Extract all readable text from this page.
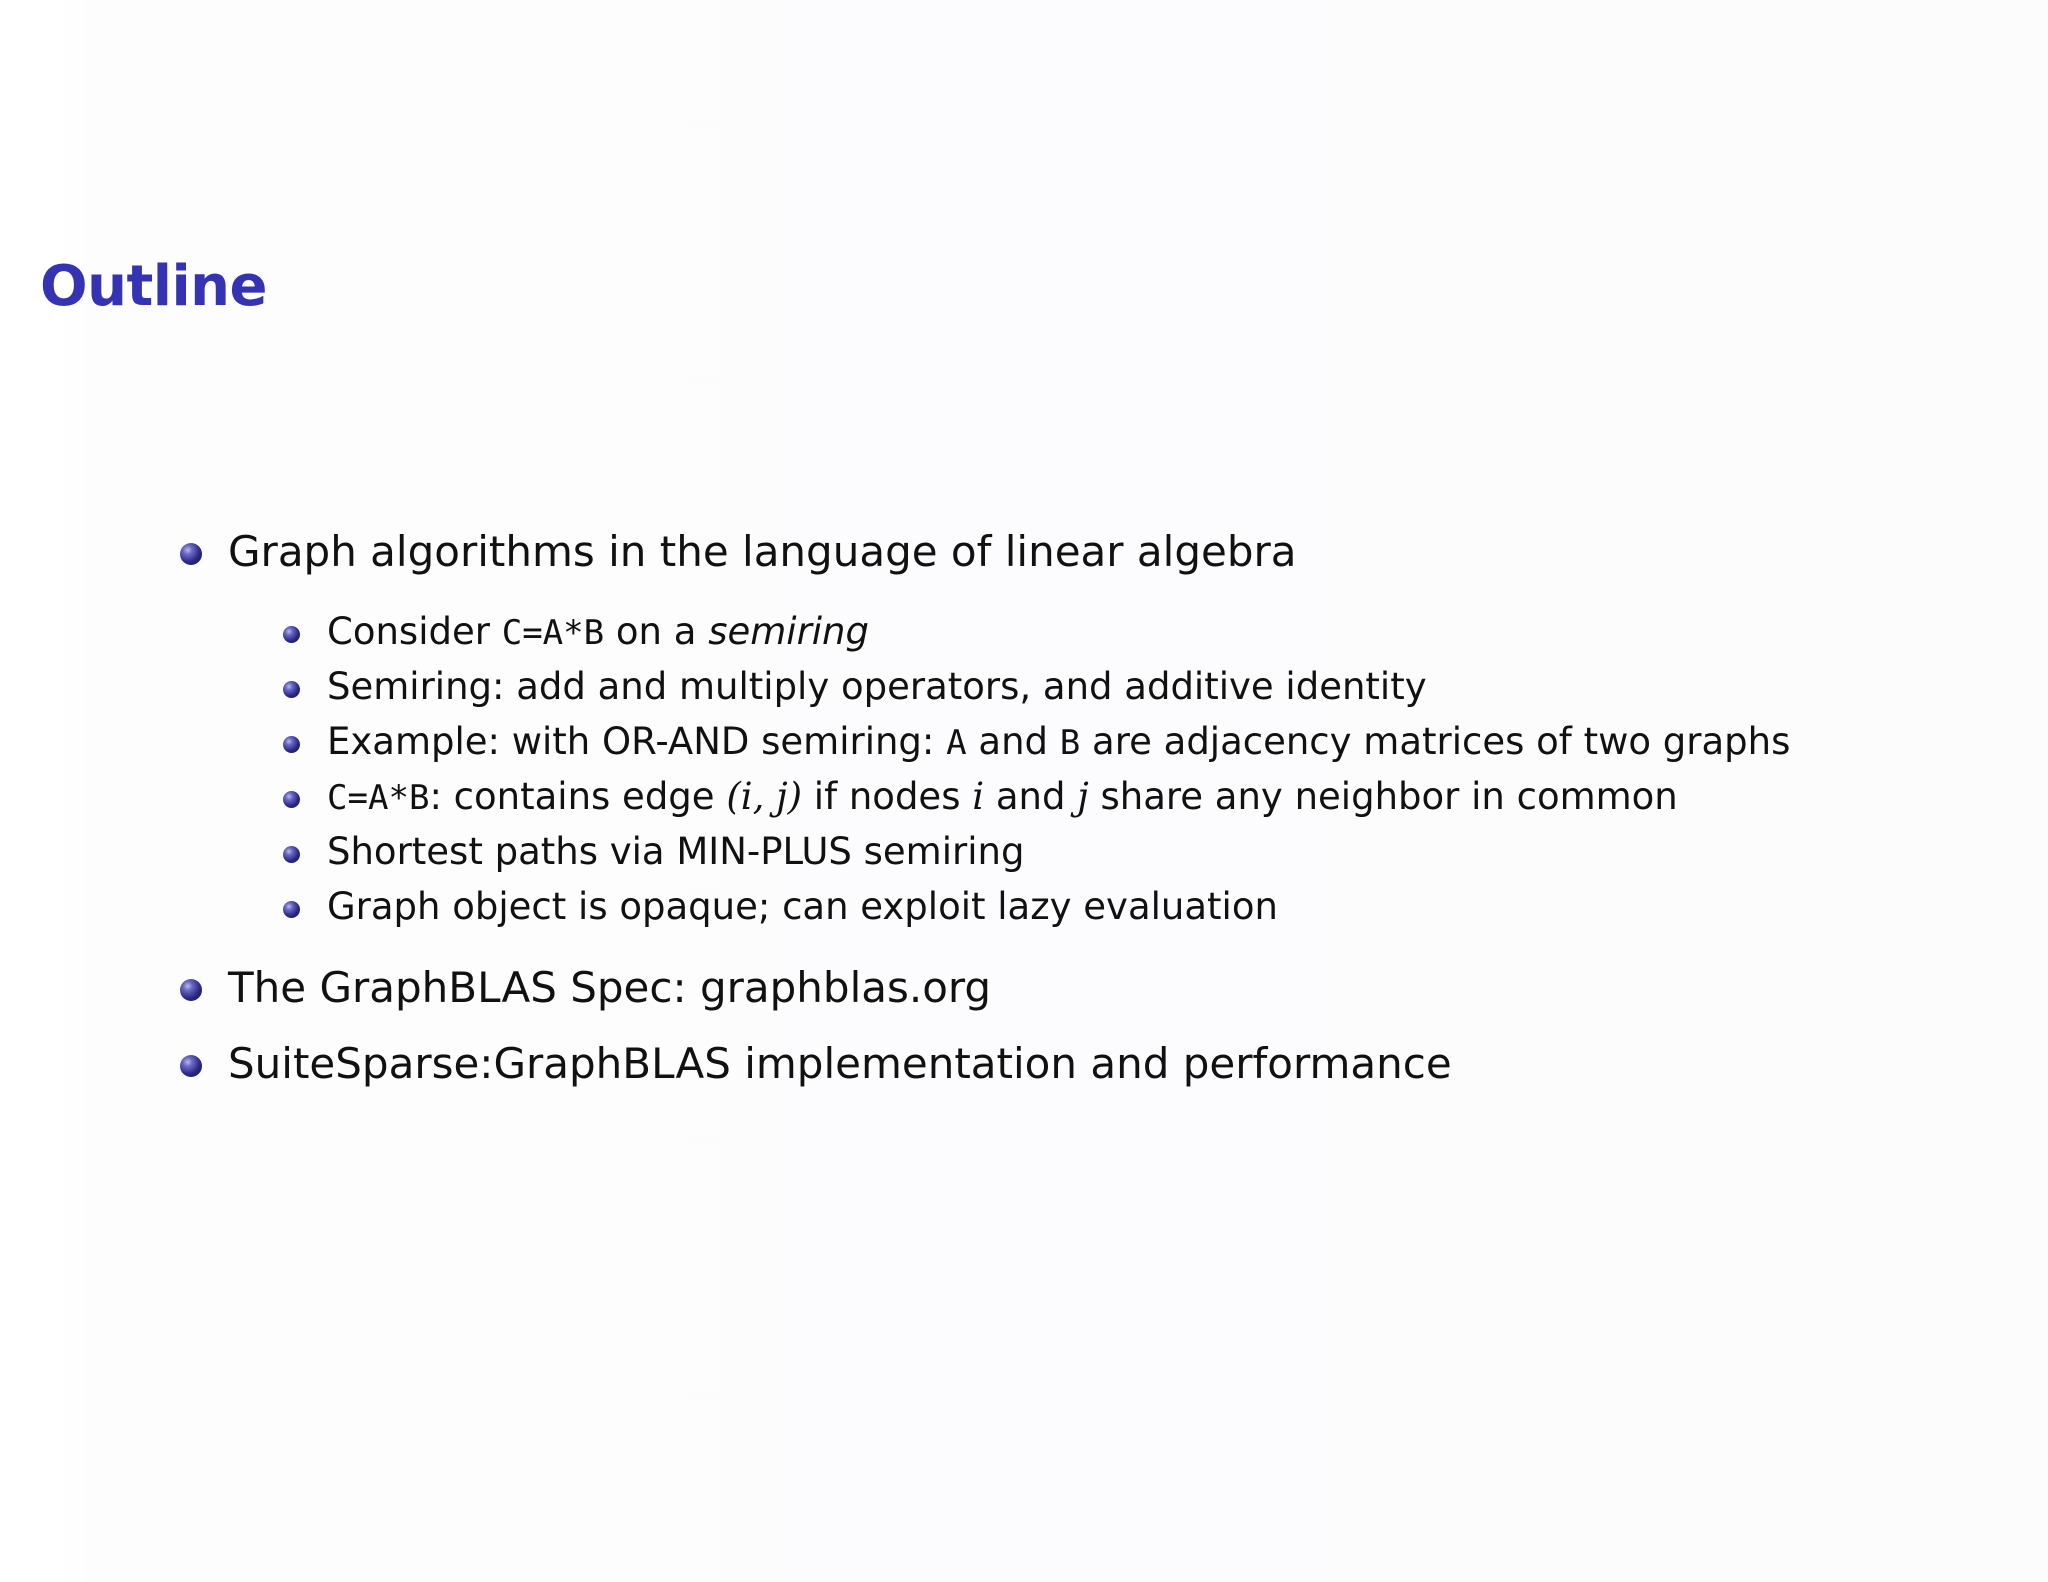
Outline
Graph algorithms in the language of linear algebra
Consider C=A*B on a semiring
Semiring: add and multiply operators, and additive identity
Example: with OR-AND semiring: A and B are adjacency matrices of two graphs
C=A*B: contains edge (i, j) if nodes i and j share any neighbor in common
Shortest paths via MIN-PLUS semiring
Graph object is opaque; can exploit lazy evaluation
The GraphBLAS Spec: graphblas.org
SuiteSparse:GraphBLAS implementation and performance
